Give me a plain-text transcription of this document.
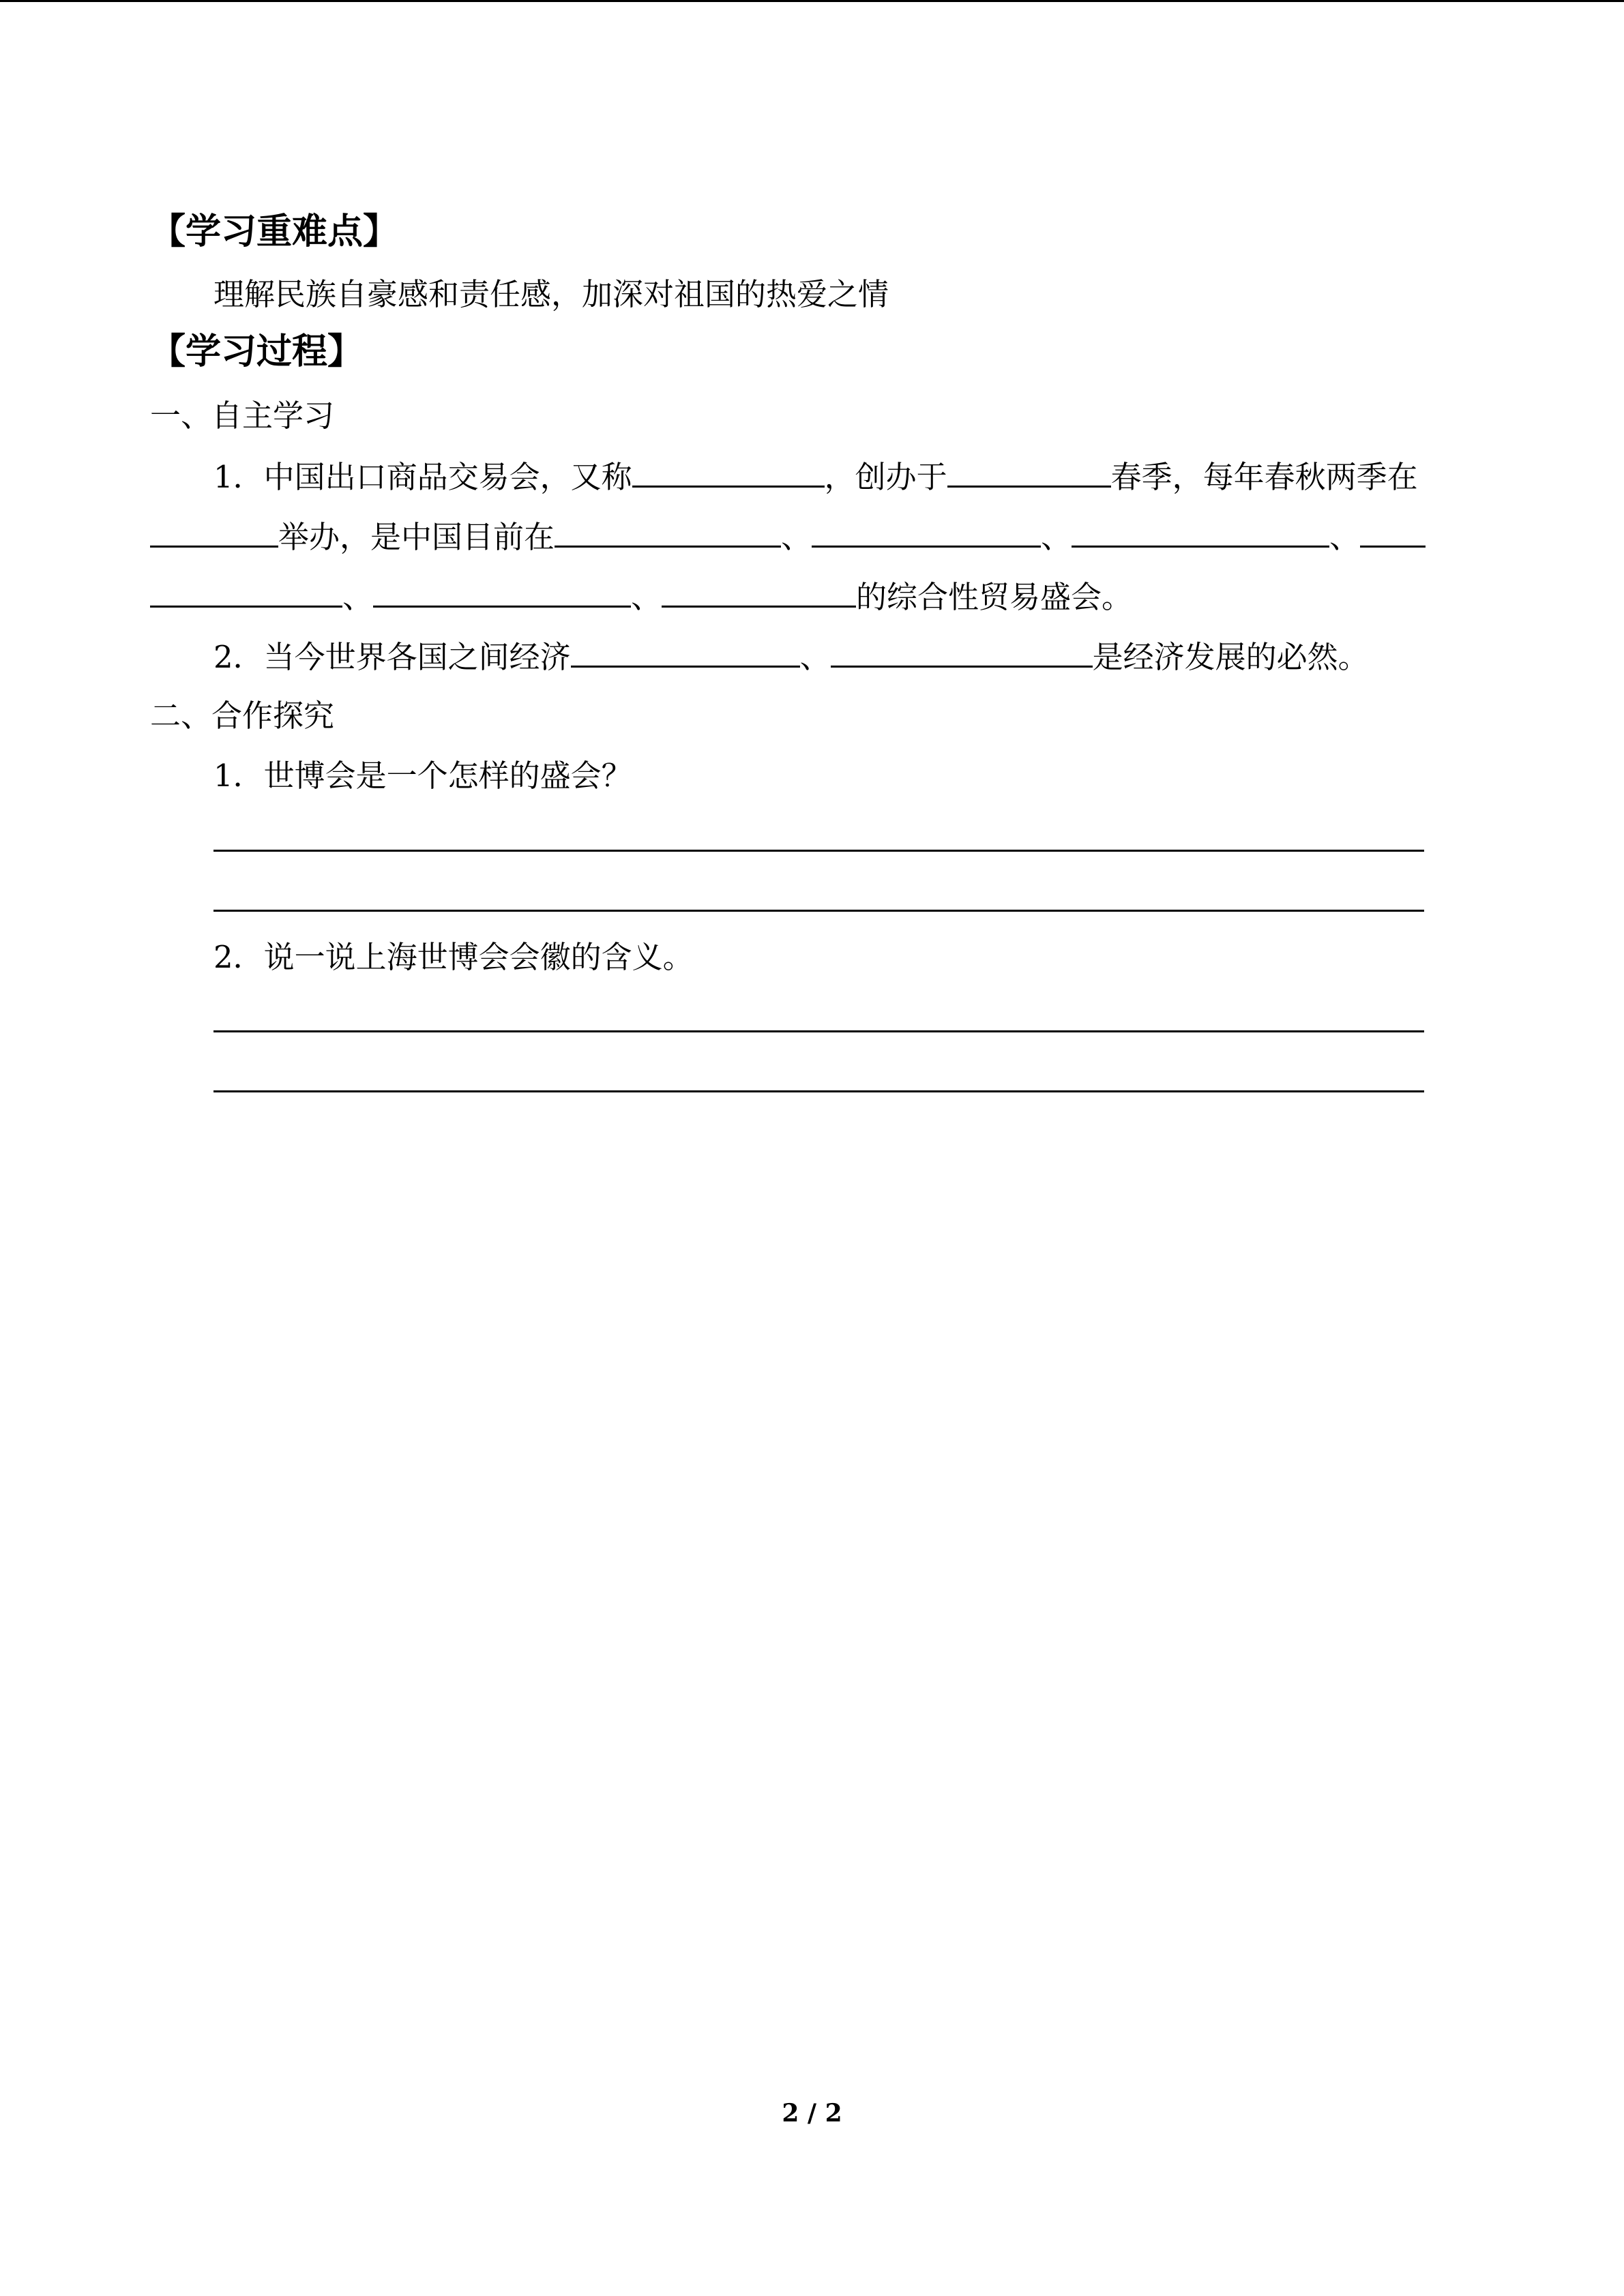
【学习重难点】
理解民族自豪感和责任感，加深对祖国的热爱之情
【学习过程】
一、自主学习
1．中国出口商品交易会，又称	，创办于	春季，每年春秋两季在
举办，是中国目前在	、	、	、
、	、	的综合性贸易盛会。
2．当今世界各国之间经济	、	是经济发展的必然。
二、合作探究
1．世博会是一个怎样的盛会？
2．说一说上海世博会会徽的含义。
2 / 2
